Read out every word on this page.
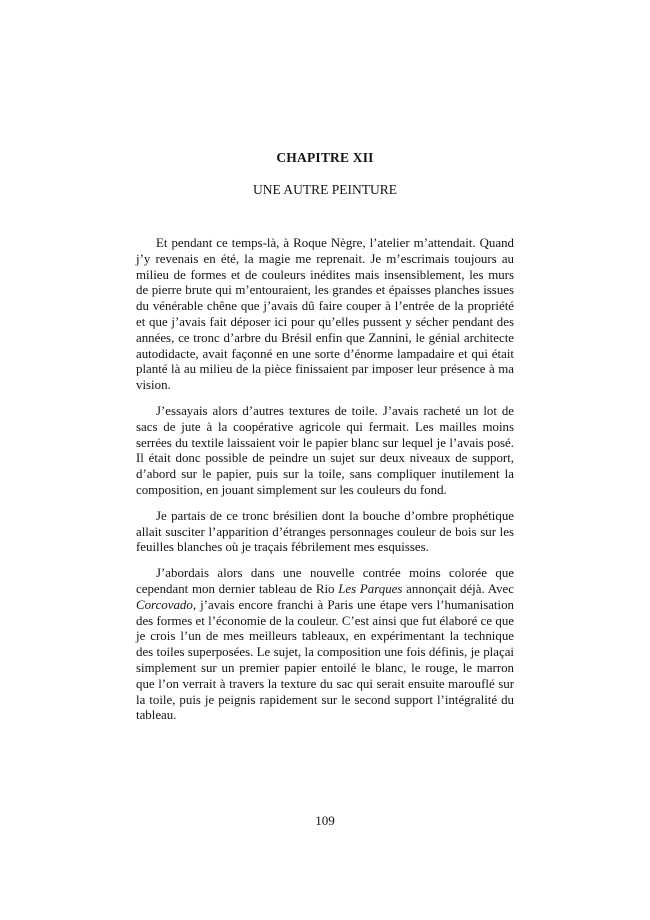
CHAPITRE XII
UNE AUTRE PEINTURE

Et pendant ce temps-là, à Roque Nègre, l’atelier m’attendait. Quand j’y revenais en été, la magie me reprenait. Je m’escrimais toujours au milieu de formes et de couleurs inédites mais insensiblement, les murs de pierre brute qui m’entouraient, les grandes et épaisses planches issues du vénérable chêne que j’avais dû faire couper à l’entrée de la propriété et que j’avais fait déposer ici pour qu’elles pussent y sécher pendant des années, ce tronc d’arbre du Brésil enfin que Zannini, le génial architecte autodidacte, avait façonné en une sorte d’énorme lampadaire et qui était planté là au milieu de la pièce finissaient par imposer leur présence à ma vision.

J’essayais alors d’autres textures de toile. J’avais racheté un lot de sacs de jute à la coopérative agricole qui fermait. Les mailles moins serrées du textile laissaient voir le papier blanc sur lequel je l’avais posé. Il était donc possible de peindre un sujet sur deux niveaux de support, d’abord sur le papier, puis sur la toile, sans compliquer inutilement la composition, en jouant simplement sur les couleurs du fond.

Je partais de ce tronc brésilien dont la bouche d’ombre prophétique allait susciter l’apparition d’étranges personnages couleur de bois sur les feuilles blanches où je traçais fébrilement mes esquisses.

J’abordais alors dans une nouvelle contrée moins colorée que cependant mon dernier tableau de Rio Les Parques annonçait déjà. Avec Corcovado, j’avais encore franchi à Paris une étape vers l’humanisation des formes et l’économie de la couleur. C’est ainsi que fut élaboré ce que je crois l’un de mes meilleurs tableaux, en expérimentant la technique des toiles superposées. Le sujet, la composition une fois définis, je plaçai simplement sur un premier papier entoilé le blanc, le rouge, le marron que l’on verrait à travers la texture du sac qui serait ensuite marouflé sur la toile, puis je peignis rapidement sur le second support l’intégralité du tableau.

109
